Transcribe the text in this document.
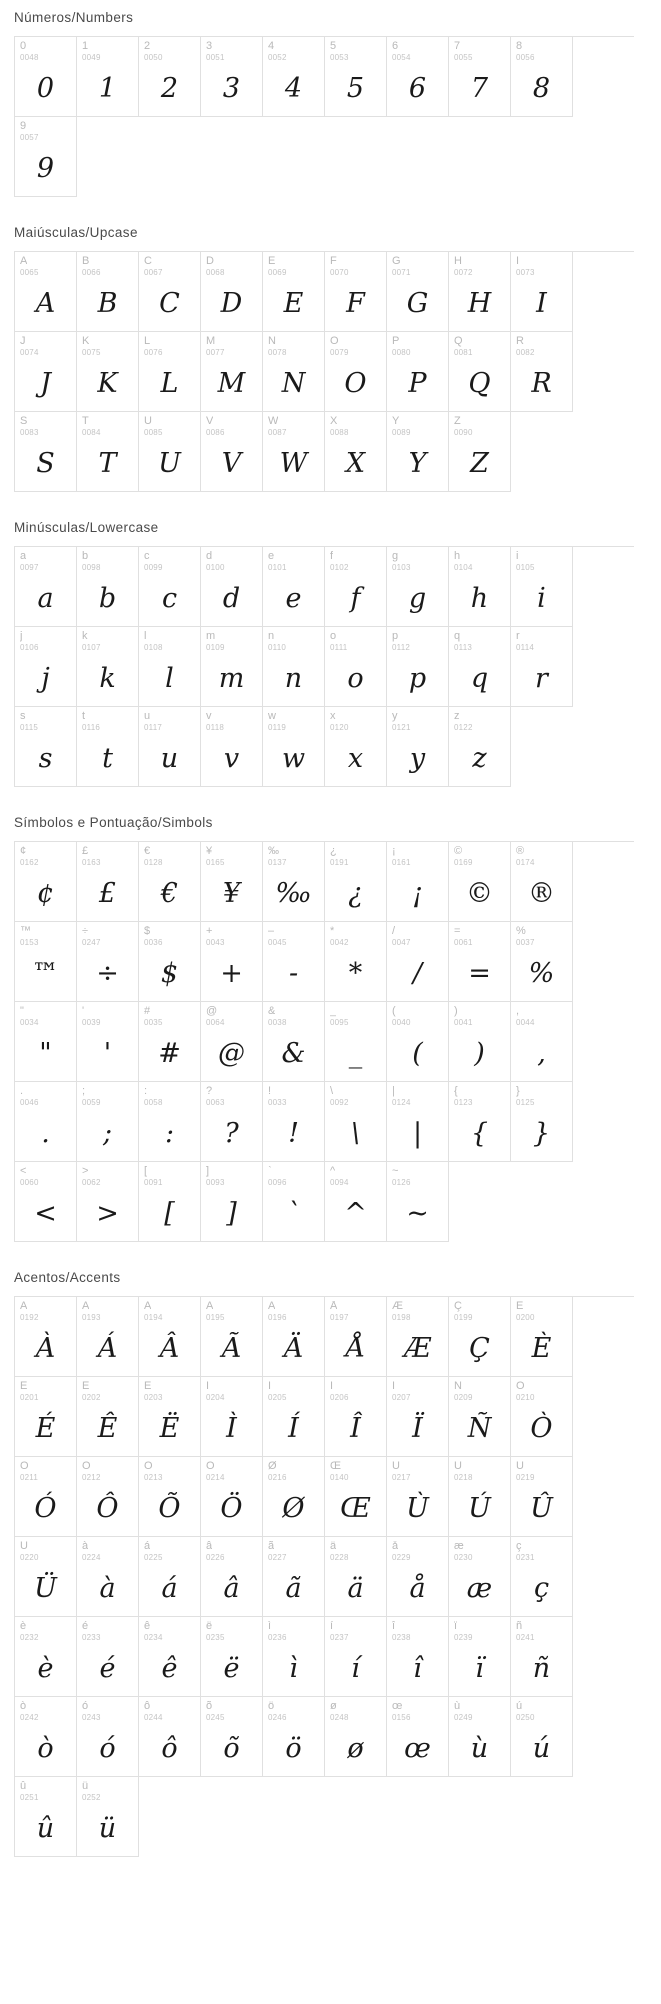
Números/Numbers
0
0048
0
1
0049
1
2
0050
2
3
0051
3
4
0052
4
5
0053
5
6
0054
6
7
0055
7
8
0056
8
9
0057
9
Maiúsculas/Upcase
A
0065
A
B
0066
B
C
0067
C
D
0068
D
E
0069
E
F
0070
F
G
0071
G
H
0072
H
I
0073
I
J
0074
J
K
0075
K
L
0076
L
M
0077
M
N
0078
N
O
0079
O
P
0080
P
Q
0081
Q
R
0082
R
S
0083
S
T
0084
T
U
0085
U
V
0086
V
W
0087
W
X
0088
X
Y
0089
Y
Z
0090
Z
Minúsculas/Lowercase
a
0097
a
b
0098
b
c
0099
c
d
0100
d
e
0101
e
f
0102
f
g
0103
g
h
0104
h
i
0105
i
j
0106
j
k
0107
k
l
0108
l
m
0109
m
n
0110
n
o
0111
o
p
0112
p
q
0113
q
r
0114
r
s
0115
s
t
0116
t
u
0117
u
v
0118
v
w
0119
w
x
0120
x
y
0121
y
z
0122
z
Símbolos e Pontuação/Simbols
¢
0162
¢
£
0163
£
€
0128
€
¥
0165
¥
‰
0137
‰
¿
0191
¿
¡
0161
¡
©
0169
©
®
0174
®
™
0153
™
÷
0247
÷
$
0036
$
+
0043
+
–
0045
-
*
0042
*
/
0047
/
=
0061
=
%
0037
%
"
0034
"
'
0039
'
#
0035
#
@
0064
@
&
0038
&
_
0095
_
(
0040
(
)
0041
)
,
0044
,
.
0046
.
;
0059
;
:
0058
:
?
0063
?
!
0033
!
\
0092
\
|
0124
|
{
0123
{
}
0125
}
<
0060
<
>
0062
>
[
0091
[
]
0093
]
`
0096
`
^
0094
^
~
0126
~
Acentos/Accents
À
0192
À
Á
0193
Á
Â
0194
Â
Ã
0195
Ã
Ä
0196
Ä
Å
0197
Å
Æ
0198
Æ
Ç
0199
Ç
È
0200
È
É
0201
É
Ê
0202
Ê
Ë
0203
Ë
Ì
0204
Ì
Í
0205
Í
Î
0206
Î
Ï
0207
Ï
Ñ
0209
Ñ
Ò
0210
Ò
Ó
0211
Ó
Ô
0212
Ô
Õ
0213
Õ
Ö
0214
Ö
Ø
0216
Ø
Œ
0140
Œ
Ù
0217
Ù
Ú
0218
Ú
Û
0219
Û
Ü
0220
Ü
à
0224
à
á
0225
á
â
0226
â
ã
0227
ã
ä
0228
ä
å
0229
å
æ
0230
æ
ç
0231
ç
è
0232
è
é
0233
é
ê
0234
ê
ë
0235
ë
ì
0236
ì
í
0237
í
î
0238
î
ï
0239
ï
ñ
0241
ñ
ò
0242
ò
ó
0243
ó
ô
0244
ô
õ
0245
õ
ö
0246
ö
ø
0248
ø
œ
0156
œ
ù
0249
ù
ú
0250
ú
û
0251
û
ü
0252
ü
